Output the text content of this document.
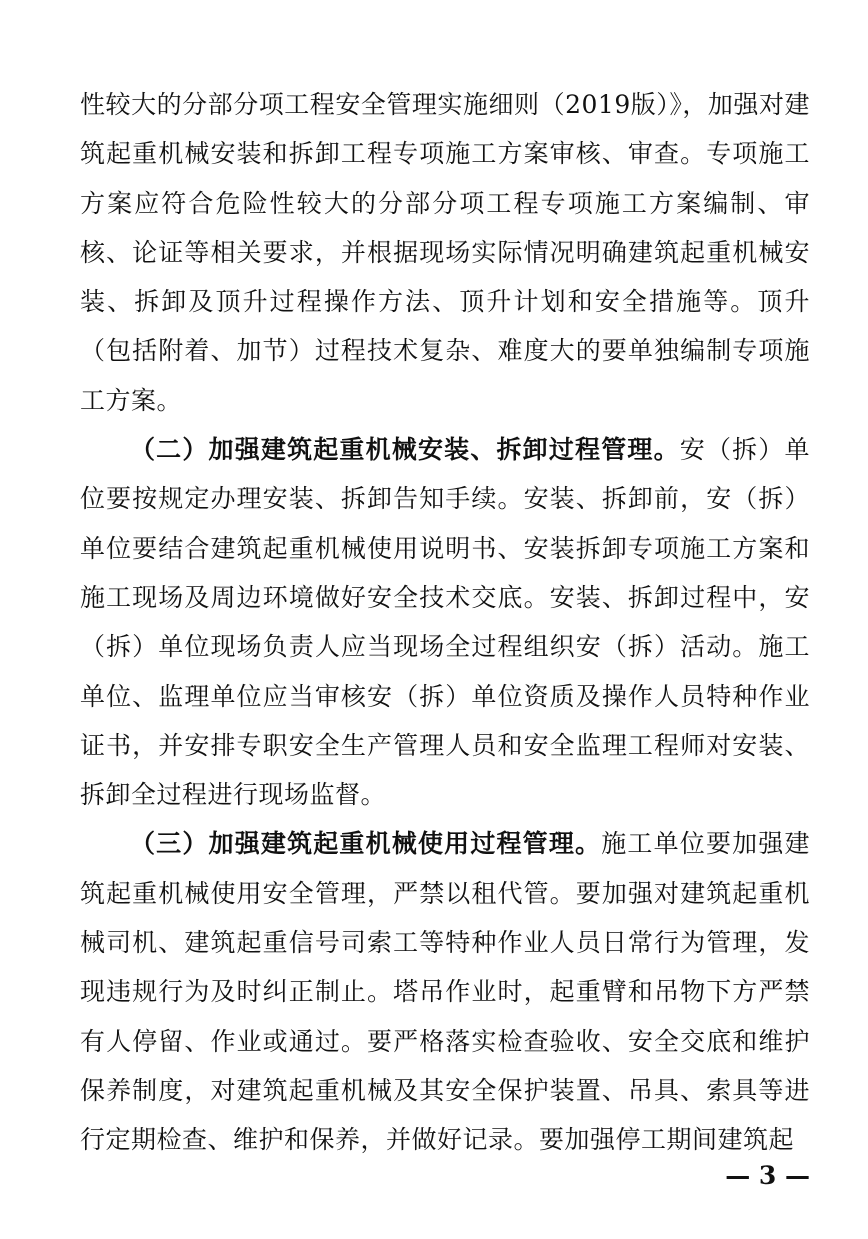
性较大的分部分项工程安全管理实施细则（2019版）》，加强对建筑起重机械安装和拆卸工程专项施工方案审核、审查。专项施工方案应符合危险性较大的分部分项工程专项施工方案编制、审核、论证等相关要求，并根据现场实际情况明确建筑起重机械安装、拆卸及顶升过程操作方法、顶升计划和安全措施等。顶升（包括附着、加节）过程技术复杂、难度大的要单独编制专项施工方案。

（二）加强建筑起重机械安装、拆卸过程管理。安（拆）单位要按规定办理安装、拆卸告知手续。安装、拆卸前，安（拆）单位要结合建筑起重机械使用说明书、安装拆卸专项施工方案和施工现场及周边环境做好安全技术交底。安装、拆卸过程中，安（拆）单位现场负责人应当现场全过程组织安（拆）活动。施工单位、监理单位应当审核安（拆）单位资质及操作人员特种作业证书，并安排专职安全生产管理人员和安全监理工程师对安装、拆卸全过程进行现场监督。

（三）加强建筑起重机械使用过程管理。施工单位要加强建筑起重机械使用安全管理，严禁以租代管。要加强对建筑起重机械司机、建筑起重信号司索工等特种作业人员日常行为管理，发现违规行为及时纠正制止。塔吊作业时，起重臂和吊物下方严禁有人停留、作业或通过。要严格落实检查验收、安全交底和维护保养制度，对建筑起重机械及其安全保护装置、吊具、索具等进行定期检查、维护和保养，并做好记录。要加强停工期间建筑起

— 3 —
